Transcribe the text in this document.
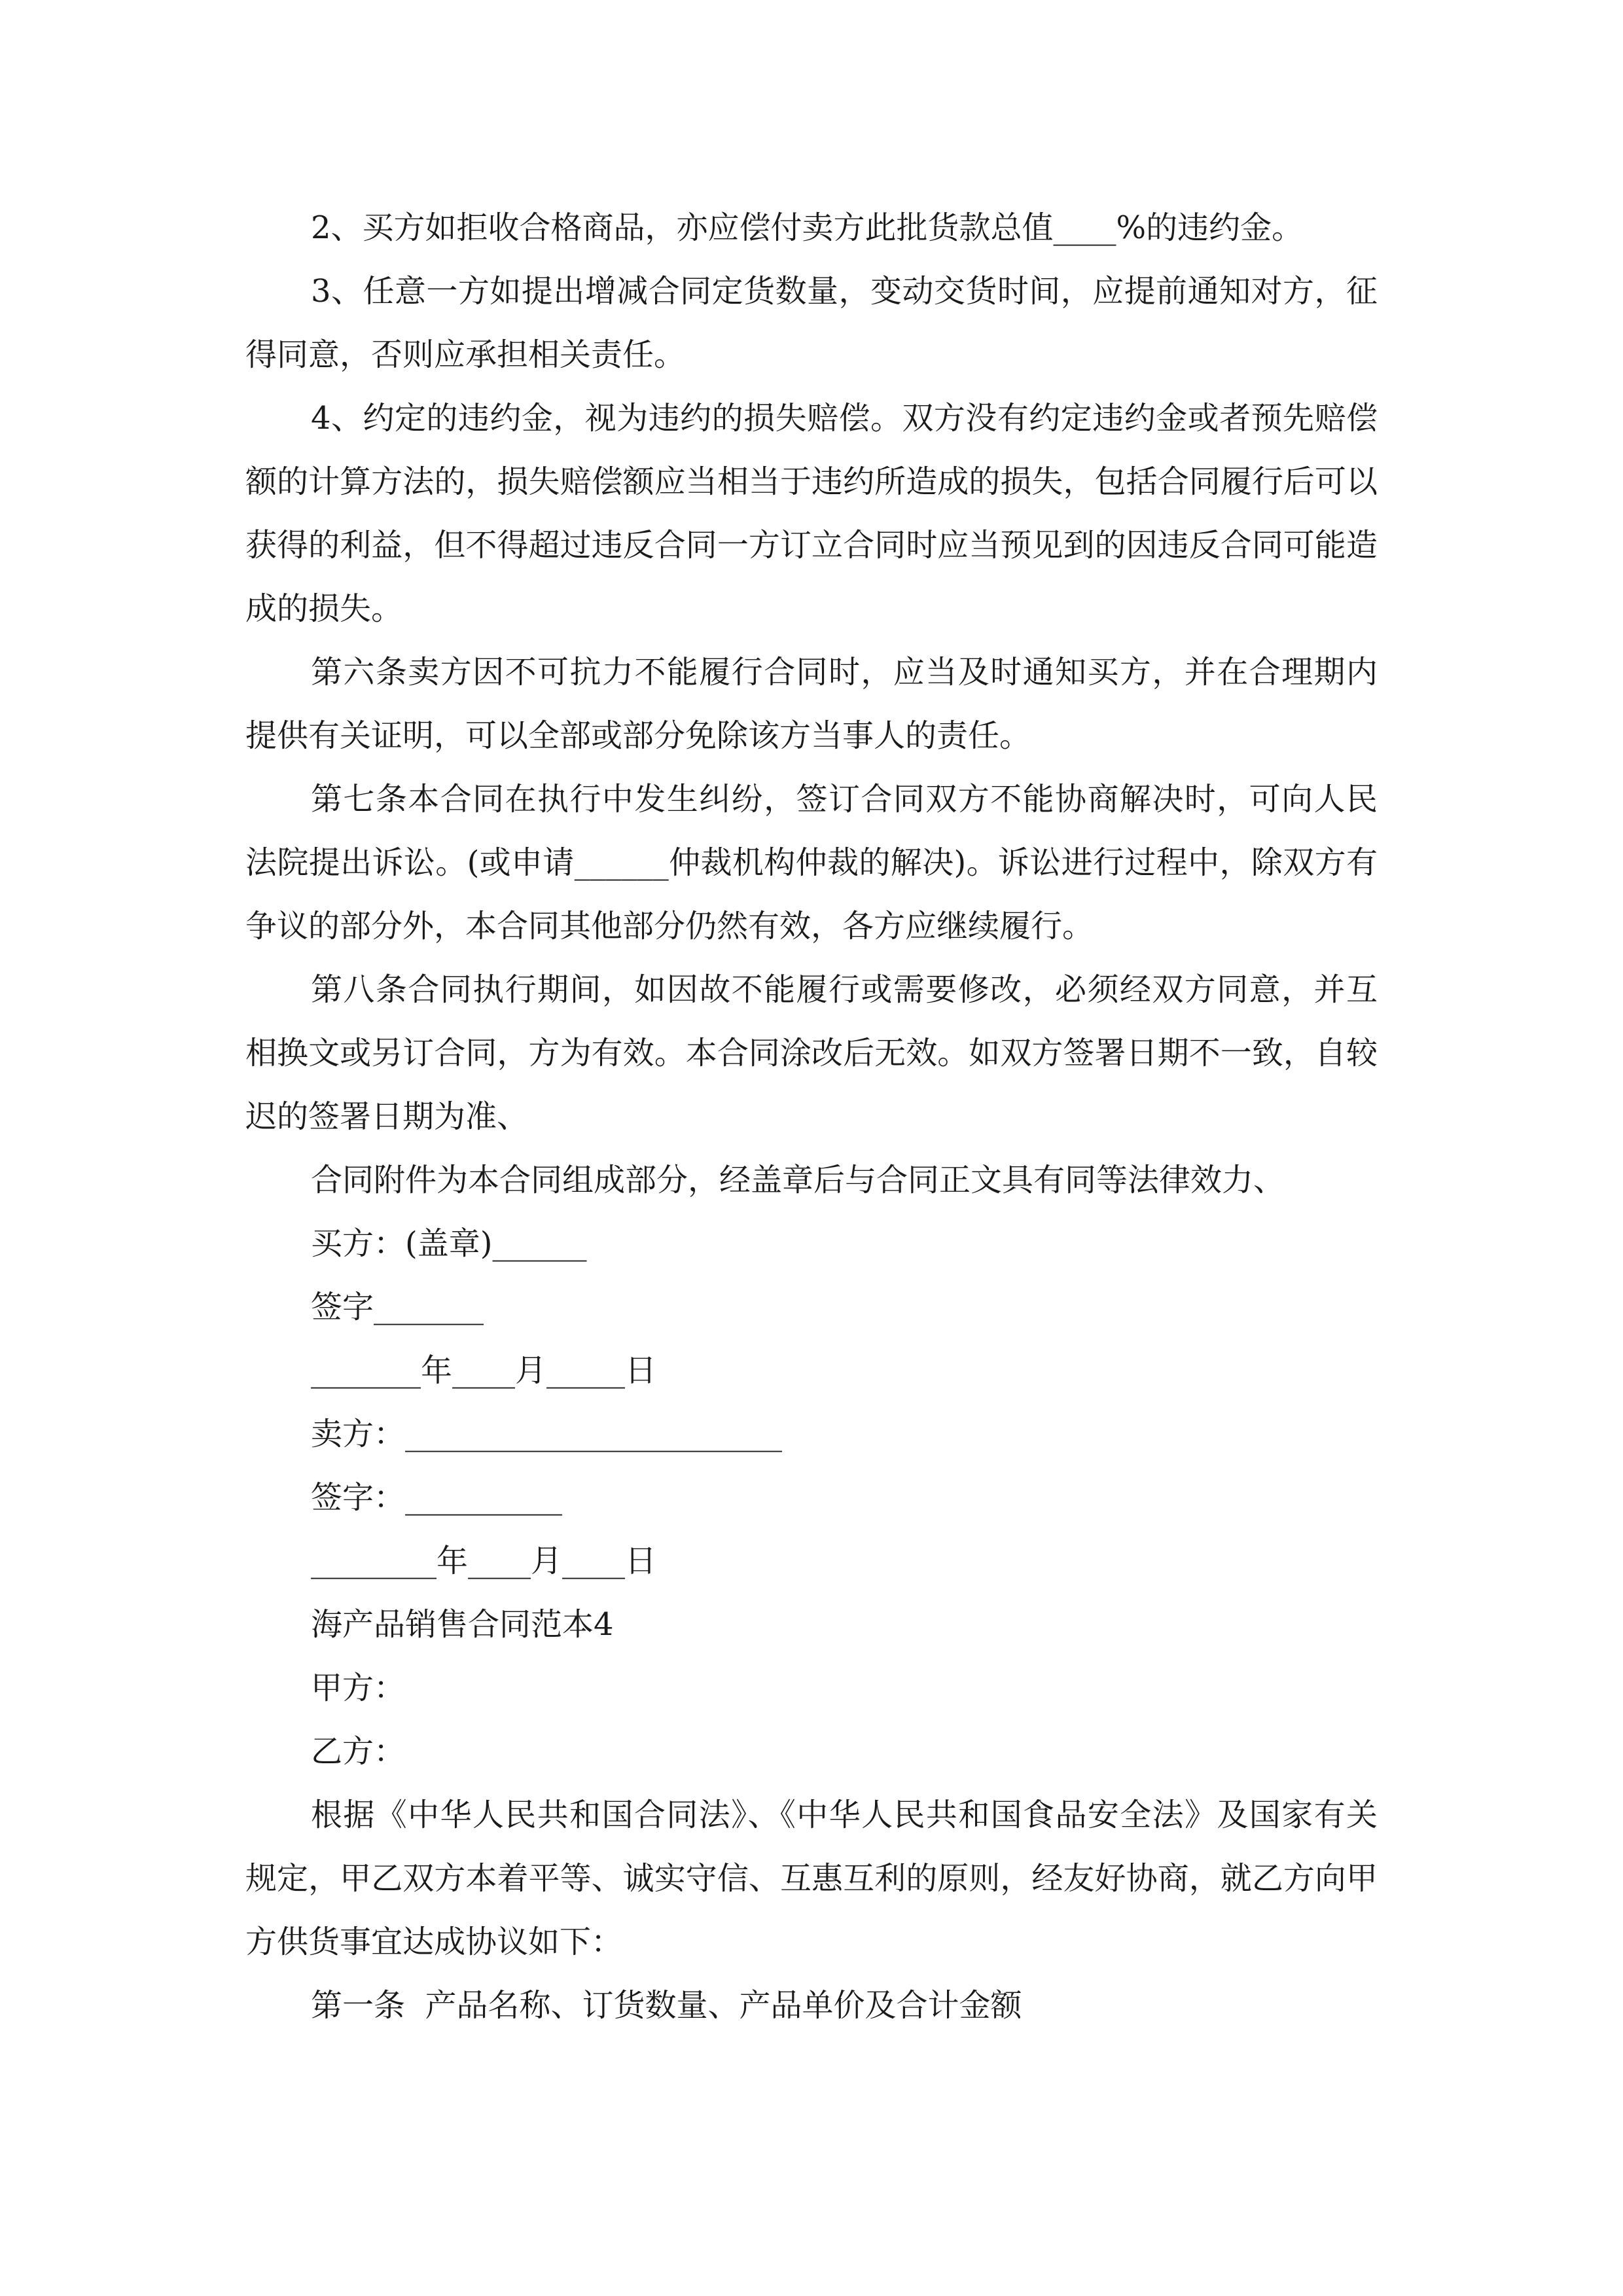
2、买方如拒收合格商品，亦应偿付卖方此批货款总值____%的违约金。

3、任意一方如提出增减合同定货数量，变动交货时间，应提前通知对方，征得同意，否则应承担相关责任。

4、约定的违约金，视为违约的损失赔偿。双方没有约定违约金或者预先赔偿额的计算方法的，损失赔偿额应当相当于违约所造成的损失，包括合同履行后可以获得的利益，但不得超过违反合同一方订立合同时应当预见到的因违反合同可能造成的损失。

第六条卖方因不可抗力不能履行合同时，应当及时通知买方，并在合理期内提供有关证明，可以全部或部分免除该方当事人的责任。

第七条本合同在执行中发生纠纷，签订合同双方不能协商解决时，可向人民法院提出诉讼。(或申请______仲裁机构仲裁的解决)。诉讼进行过程中，除双方有争议的部分外，本合同其他部分仍然有效，各方应继续履行。

第八条合同执行期间，如因故不能履行或需要修改，必须经双方同意，并互相换文或另订合同，方为有效。本合同涂改后无效。如双方签署日期不一致，自较迟的签署日期为准、

合同附件为本合同组成部分，经盖章后与合同正文具有同等法律效力、

买方：(盖章)______

签字_______

_______年____月_____日

卖方：________________________

签字：__________

________年____月____日

海产品销售合同范本4

甲方：

乙方：

根据《中华人民共和国合同法》、《中华人民共和国食品安全法》及国家有关规定，甲乙双方本着平等、诚实守信、互惠互利的原则，经友好协商，就乙方向甲方供货事宜达成协议如下：

第一条  产品名称、订货数量、产品单价及合计金额
